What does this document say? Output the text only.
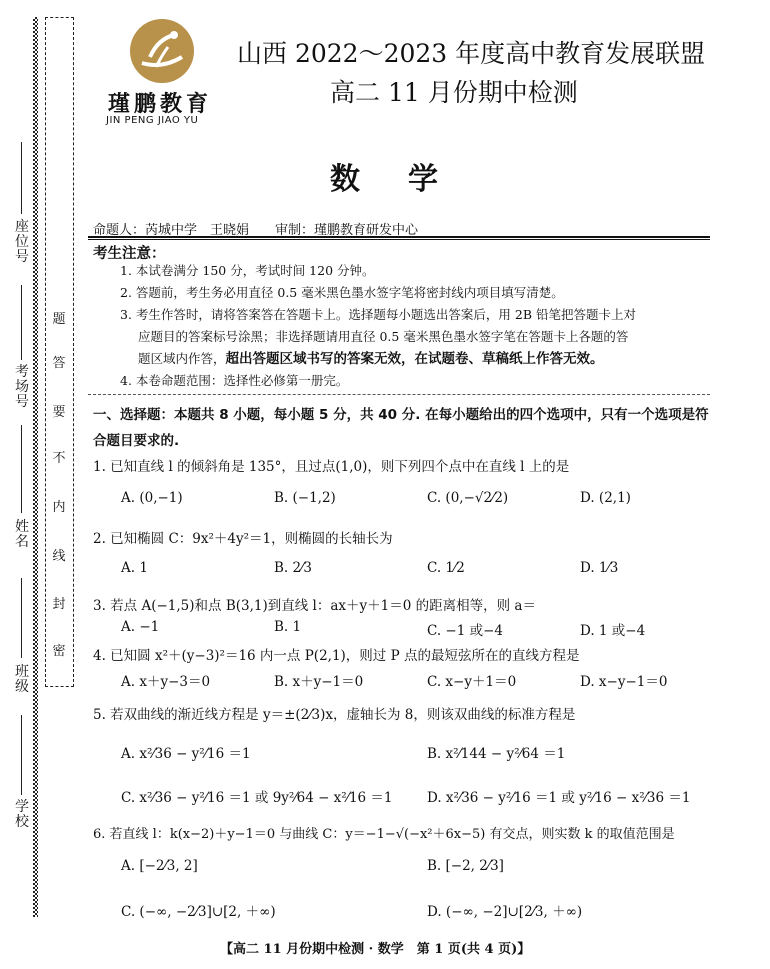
座
位
号
考
场
号
姓
名
班
级
学
校
题
答
要
不
内
线
封
密
瑾鹏教育
JIN PENG JIAO YU
山西 2022～2023 年度高中教育发展联盟
高二 11 月份期中检测
数学
命题人：芮城中学　王晓娟　　审制：瑾鹏教育研发中心
考生注意：
1. 本试卷满分 150 分，考试时间 120 分钟。
2. 答题前，考生务必用直径 0.5 毫米黑色墨水签字笔将密封线内项目填写清楚。
3. 考生作答时，请将答案答在答题卡上。选择题每小题选出答案后，用 2B 铅笔把答题卡上对
应题目的答案标号涂黑；非选择题请用直径 0.5 毫米黑色墨水签字笔在答题卡上各题的答
题区域内作答，超出答题区域书写的答案无效，在试题卷、草稿纸上作答无效。
4. 本卷命题范围：选择性必修第一册完。
一、选择题：本题共 8 小题，每小题 5 分，共 40 分. 在每小题给出的四个选项中，只有一个选项是符合题目要求的.
1. 已知直线 l 的倾斜角是 135°，且过点(1,0)，则下列四个点中在直线 l 上的是
A. (0,−1)	B. (−1,2)	C. (0,−√2⁄2)	D. (2,1)
2. 已知椭圆 C：9x²＋4y²＝1，则椭圆的长轴长为
A. 1	B. 2⁄3	C. 1⁄2	D. 1⁄3
3. 若点 A(−1,5)和点 B(3,1)到直线 l：ax＋y＋1＝0 的距离相等，则 a＝
A. −1	B. 1	C. −1 或−4	D. 1 或−4
4. 已知圆 x²＋(y−3)²＝16 内一点 P(2,1)，则过 P 点的最短弦所在的直线方程是
A. x＋y−3＝0	B. x＋y−1＝0	C. x−y＋1＝0	D. x−y−1＝0
5. 若双曲线的渐近线方程是 y＝±(2⁄3)x，虚轴长为 8，则该双曲线的标准方程是
A. x²⁄36 − y²⁄16 ＝1	B. x²⁄144 − y²⁄64 ＝1
C. x²⁄36 − y²⁄16 ＝1 或 9y²⁄64 − x²⁄16 ＝1	D. x²⁄36 − y²⁄16 ＝1 或 y²⁄16 − x²⁄36 ＝1
6. 若直线 l：k(x−2)＋y−1＝0 与曲线 C：y＝−1−√(−x²＋6x−5) 有交点，则实数 k 的取值范围是
A. [−2⁄3, 2]	B. [−2, 2⁄3]
C. (−∞, −2⁄3]∪[2, ＋∞)	D. (−∞, −2]∪[2⁄3, ＋∞)
【高二 11 月份期中检测 · 数学　第 1 页(共 4 页)】
